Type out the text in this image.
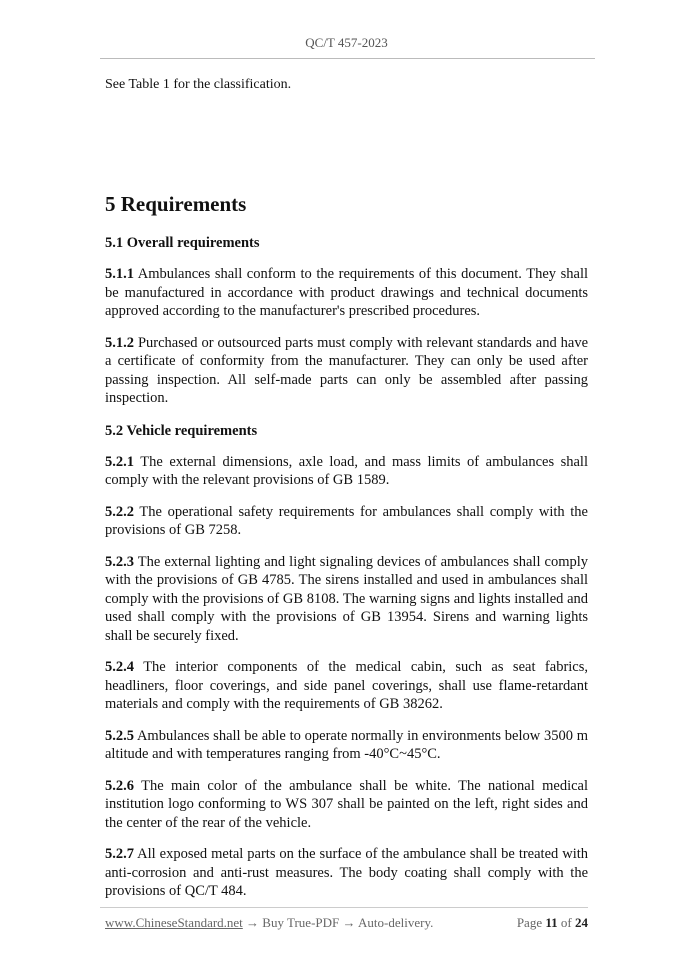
QC/T 457-2023

See Table 1 for the classification.

5 Requirements
5.1 Overall requirements

5.1.1 Ambulances shall conform to the requirements of this document. They shall be manufactured in accordance with product drawings and technical documents approved according to the manufacturer's prescribed procedures.

5.1.2 Purchased or outsourced parts must comply with relevant standards and have a certificate of conformity from the manufacturer. They can only be used after passing inspection. All self-made parts can only be assembled after passing inspection.

5.2 Vehicle requirements

5.2.1 The external dimensions, axle load, and mass limits of ambulances shall comply with the relevant provisions of GB 1589.

5.2.2 The operational safety requirements for ambulances shall comply with the provisions of GB 7258.

5.2.3 The external lighting and light signaling devices of ambulances shall comply with the provisions of GB 4785. The sirens installed and used in ambulances shall comply with the provisions of GB 8108. The warning signs and lights installed and used shall comply with the provisions of GB 13954. Sirens and warning lights shall be securely fixed.

5.2.4 The interior components of the medical cabin, such as seat fabrics, headliners, floor coverings, and side panel coverings, shall use flame-retardant materials and comply with the requirements of GB 38262.

5.2.5 Ambulances shall be able to operate normally in environments below 3500 m altitude and with temperatures ranging from -40°C~45°C.

5.2.6 The main color of the ambulance shall be white. The national medical institution logo conforming to WS 307 shall be painted on the left, right sides and the center of the rear of the vehicle.

5.2.7 All exposed metal parts on the surface of the ambulance shall be treated with anti-corrosion and anti-rust measures. The body coating shall comply with the provisions of QC/T 484.

www.ChineseStandard.net → Buy True-PDF → Auto-delivery.	Page 11 of 24
